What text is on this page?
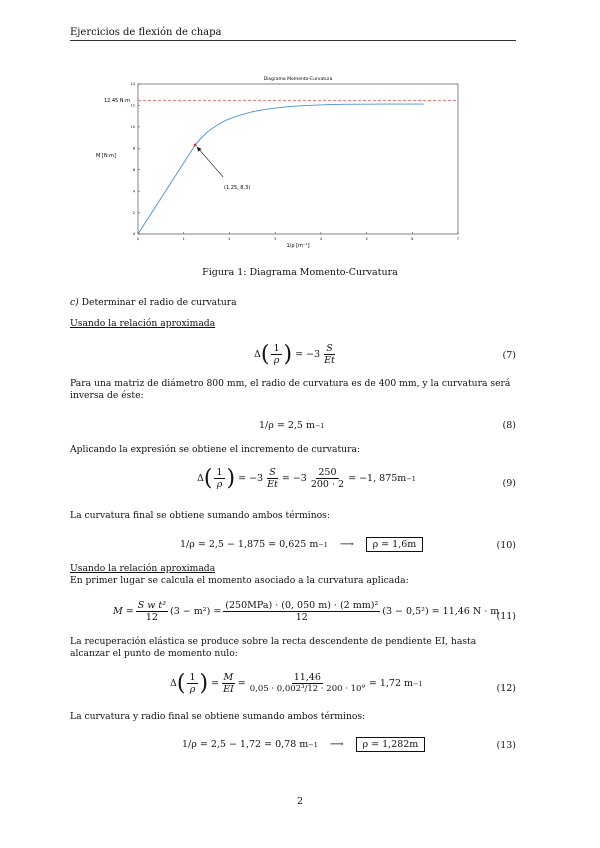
Ejercicios de flexión de chapa
Diagrama Momento-Curvatura
0	1	2	3	4	5	6	7
0
2
4
6
8
10
12
14
M [N·m]
1/ρ [m⁻¹]
12.45 N·m
(1.25, 8.3)
Figura 1: Diagrama Momento-Curvatura
c) Determinar el radio de curvatura
Usando la relación aproximada
Δ ( $\frac{1}{\rho}$ ) = $-3 \frac{S}{Et}$	(7)
Para una matriz de diámetro 800 mm, el radio de curvatura es de 400 mm, y la curvatura será inversa de éste:
1/ρ = 2,5 m −1	(8)
Aplicando la expresión se obtiene el incremento de curvatura:
Δ ( $\frac{1}{\rho}$ ) = $-3 \frac{S}{Et} = -3 \frac{250}{200 \cdot 2} = -1$, 875m −1	(9)
La curvatura final se obtiene sumando ambos términos:
1/ρ = 2,5 − 1,875 = 0,625 m −1 ⟶	ρ = 1,6m	(10)
Usando la relación aproximada
En primer lugar se calcula el momento asociado a la curvatura aplicada:
$M = \frac{\text{S w t²}}{12} (3 - m^2) = \frac{\text{(250MPa) · (0, 050 m) · (2 mm)²}}{12} (3 - 0,5^2) = 11,46$ N · m
(11)
La recuperación elástica se produce sobre la recta descendente de pendiente EI, hasta alcanzar el punto de momento nulo:
Δ ( $\frac{1}{\rho}$ ) = $\frac{M}{EI} = \frac{11,46}{\text{0,05 · 0,002³/12 · 200 · 10⁹}} = 1,72$ m −1	(12)
La curvatura y radio final se obtiene sumando ambos términos:
1/ρ = 2,5 − 1,72 = 0,78 m −1 ⟶	ρ = 1,282m	(13)
2
